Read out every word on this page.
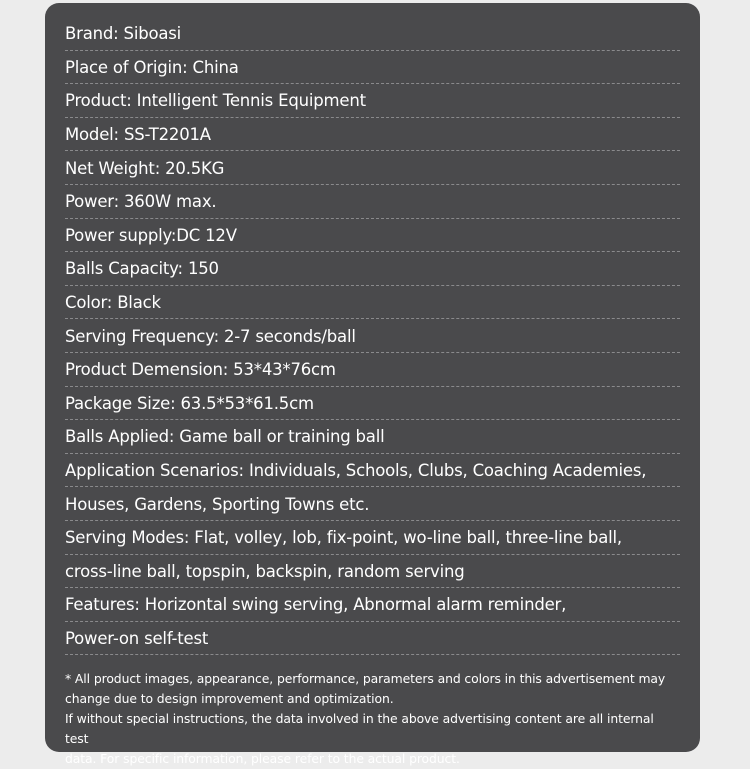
Brand: Siboasi
Place of Origin: China
Product: Intelligent Tennis Equipment
Model: SS-T2201A
Net Weight: 20.5KG
Power: 360W max.
Power supply:DC 12V
Balls Capacity: 150
Color: Black
Serving Frequency: 2-7 seconds/ball
Product Demension: 53*43*76cm
Package Size: 63.5*53*61.5cm
Balls Applied: Game ball or training ball
Application Scenarios: Individuals, Schools, Clubs, Coaching Academies,
Houses, Gardens, Sporting Towns etc.
Serving Modes: Flat, volley, lob, fix-point, wo-line ball, three-line ball,
cross-line ball, topspin, backspin, random serving
Features: Horizontal swing serving, Abnormal alarm reminder,
Power-on self-test

* All product images, appearance, performance, parameters and colors in this advertisement may

change due to design improvement and optimization.

If without special instructions, the data involved in the above advertising content are all internal test

data. For specific information, please refer to the actual product.
